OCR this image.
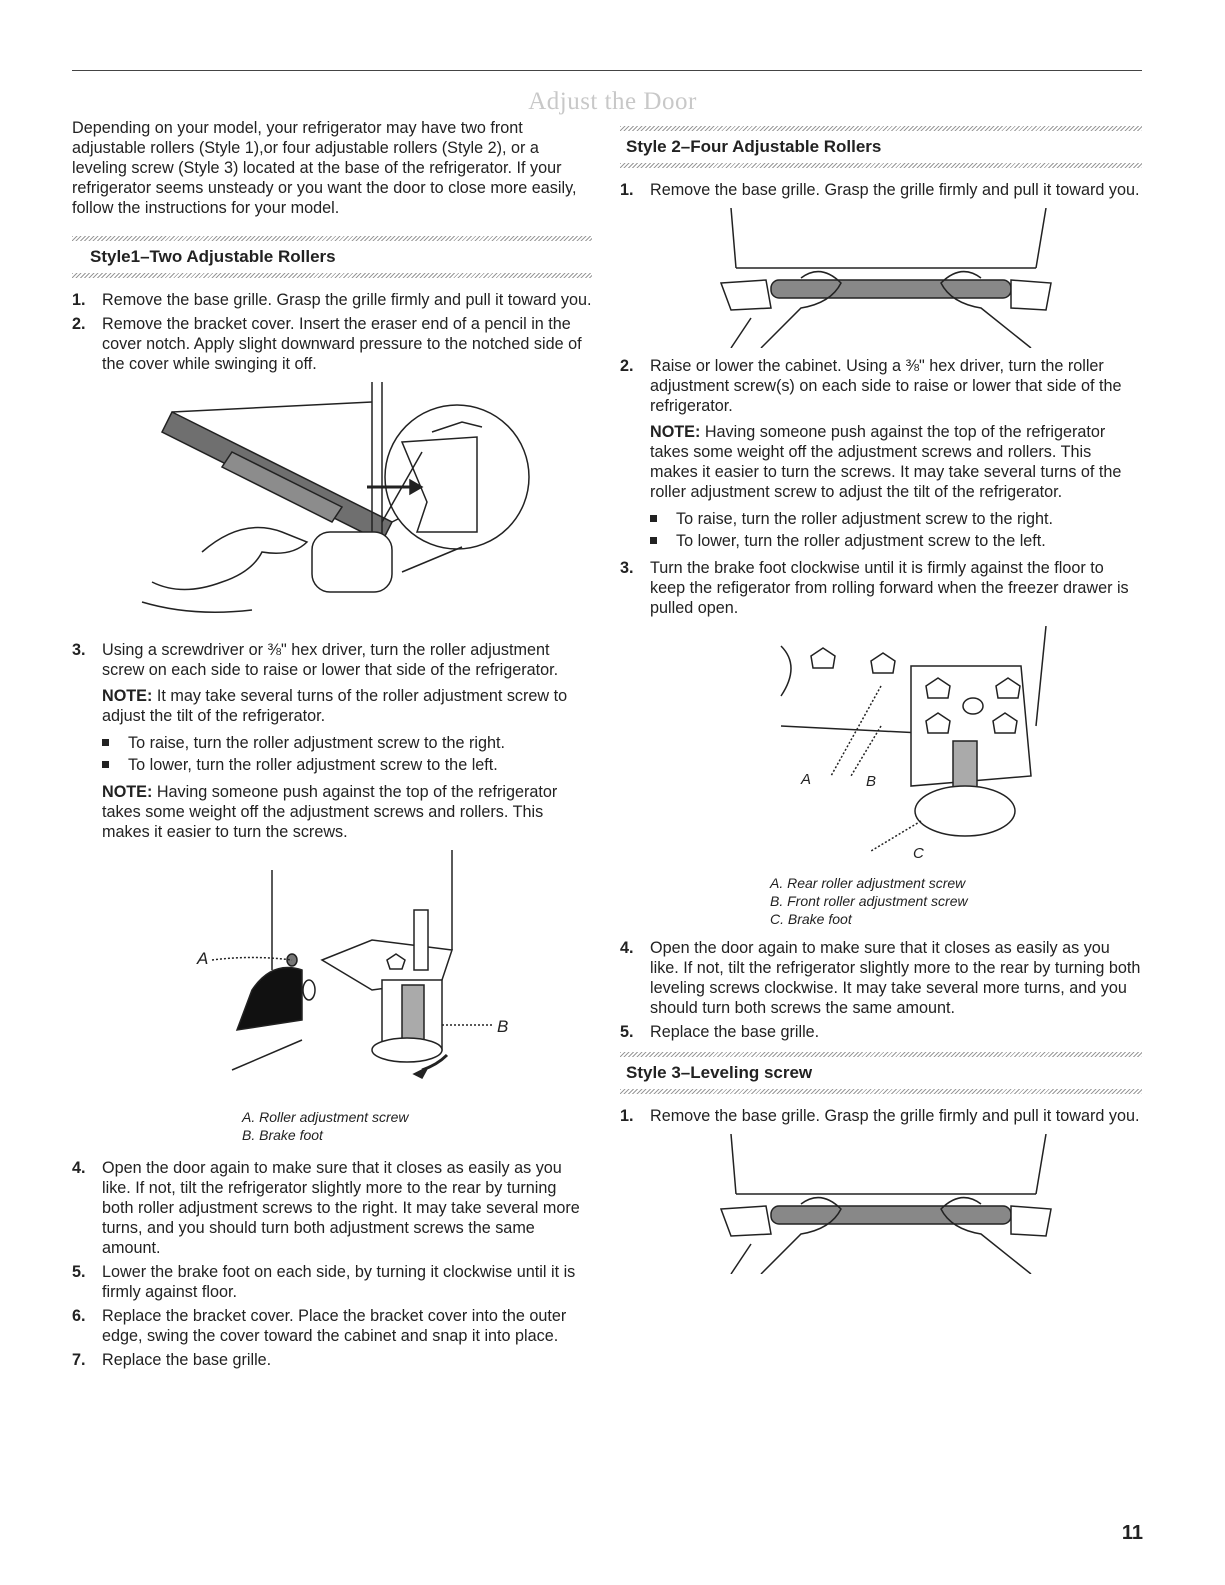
Adjust the Door

Depending on your model, your refrigerator may have two front adjustable rollers (Style 1),or four adjustable rollers (Style 2), or a leveling screw (Style 3) located at the base of the refrigerator. If your refrigerator seems unsteady or you want the door to close more easily, follow the instructions for your model.

Style1–Two Adjustable Rollers
1. Remove the base grille. Grasp the grille firmly and pull it toward you.
2. Remove the bracket cover. Insert the eraser end of a pencil in the cover notch. Apply slight downward pressure to the notched side of the cover while swinging it off.
3. Using a screwdriver or ⅜" hex driver, turn the roller adjustment screw on each side to raise or lower that side of the refrigerator.

NOTE: It may take several turns of the roller adjustment screw to adjust the tilt of the refrigerator.

To raise, turn the roller adjustment screw to the right.
To lower, turn the roller adjustment screw to the left.

NOTE: Having someone push against the top of the refrigerator takes some weight off the adjustment screws and rollers. This makes it easier to turn the screws.

A
B
A. Roller adjustment screw
B. Brake foot
4. Open the door again to make sure that it closes as easily as you like. If not, tilt the refrigerator slightly more to the rear by turning both roller adjustment screws to the right. It may take several more turns, and you should turn both adjustment screws the same amount.
5. Lower the brake foot on each side, by turning it clockwise until it is firmly against floor.
6. Replace the bracket cover. Place the bracket cover into the outer edge, swing the cover toward the cabinet and snap it into place.
7. Replace the base grille.
Style 2–Four Adjustable Rollers
1. Remove the base grille. Grasp the grille firmly and pull it toward you.
2. Raise or lower the cabinet. Using a ⅜" hex driver, turn the roller adjustment screw(s) on each side to raise or lower that side of the refrigerator.

NOTE: Having someone push against the top of the refrigerator takes some weight off the adjustment screws and rollers. This makes it easier to turn the screws. It may take several turns of the roller adjustment screw to adjust the tilt of the refrigerator.

To raise, turn the roller adjustment screw to the right.
To lower, turn the roller adjustment screw to the left.
3. Turn the brake foot clockwise until it is firmly against the floor to keep the refigerator from rolling forward when the freezer drawer is pulled open.
A	B
C
A. Rear roller adjustment screw
B. Front roller adjustment screw
C. Brake foot
4. Open the door again to make sure that it closes as easily as you like. If not, tilt the refrigerator slightly more to the rear by turning both leveling screws clockwise. It may take several more turns, and you should turn both screws the same amount.
5. Replace the base grille.
Style 3–Leveling screw
1. Remove the base grille. Grasp the grille firmly and pull it toward you.
11
